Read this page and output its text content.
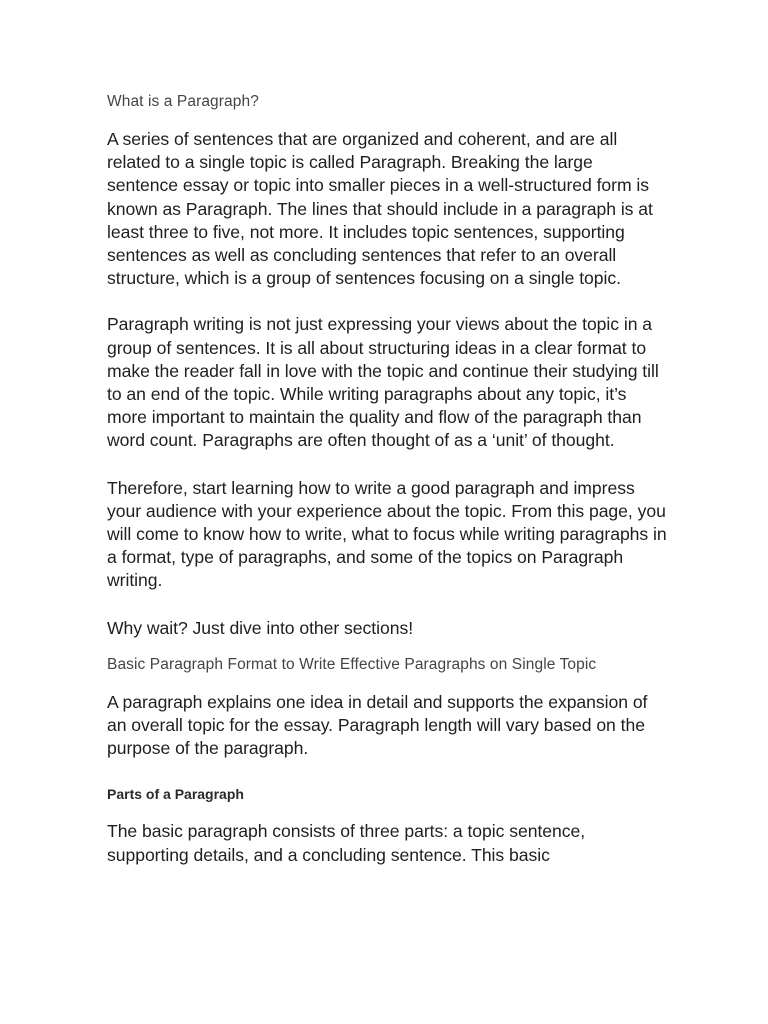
What is a Paragraph?

A series of sentences that are organized and coherent, and are all related to a single topic is called Paragraph. Breaking the large sentence essay or topic into smaller pieces in a well-structured form is known as Paragraph. The lines that should include in a paragraph is at least three to five, not more. It includes topic sentences, supporting sentences as well as concluding sentences that refer to an overall structure, which is a group of sentences focusing on a single topic.

Paragraph writing is not just expressing your views about the topic in a group of sentences. It is all about structuring ideas in a clear format to make the reader fall in love with the topic and continue their studying till to an end of the topic. While writing paragraphs about any topic, it’s more important to maintain the quality and flow of the paragraph than word count. Paragraphs are often thought of as a ‘unit’ of thought.

Therefore, start learning how to write a good paragraph and impress your audience with your experience about the topic. From this page, you will come to know how to write, what to focus while writing paragraphs in a format, type of paragraphs, and some of the topics on Paragraph writing.

Why wait? Just dive into other sections!

Basic Paragraph Format to Write Effective Paragraphs on Single Topic

A paragraph explains one idea in detail and supports the expansion of an overall topic for the essay. Paragraph length will vary based on the purpose of the paragraph.

Parts of a Paragraph

The basic paragraph consists of three parts: a topic sentence, supporting details, and a concluding sentence. This basic
